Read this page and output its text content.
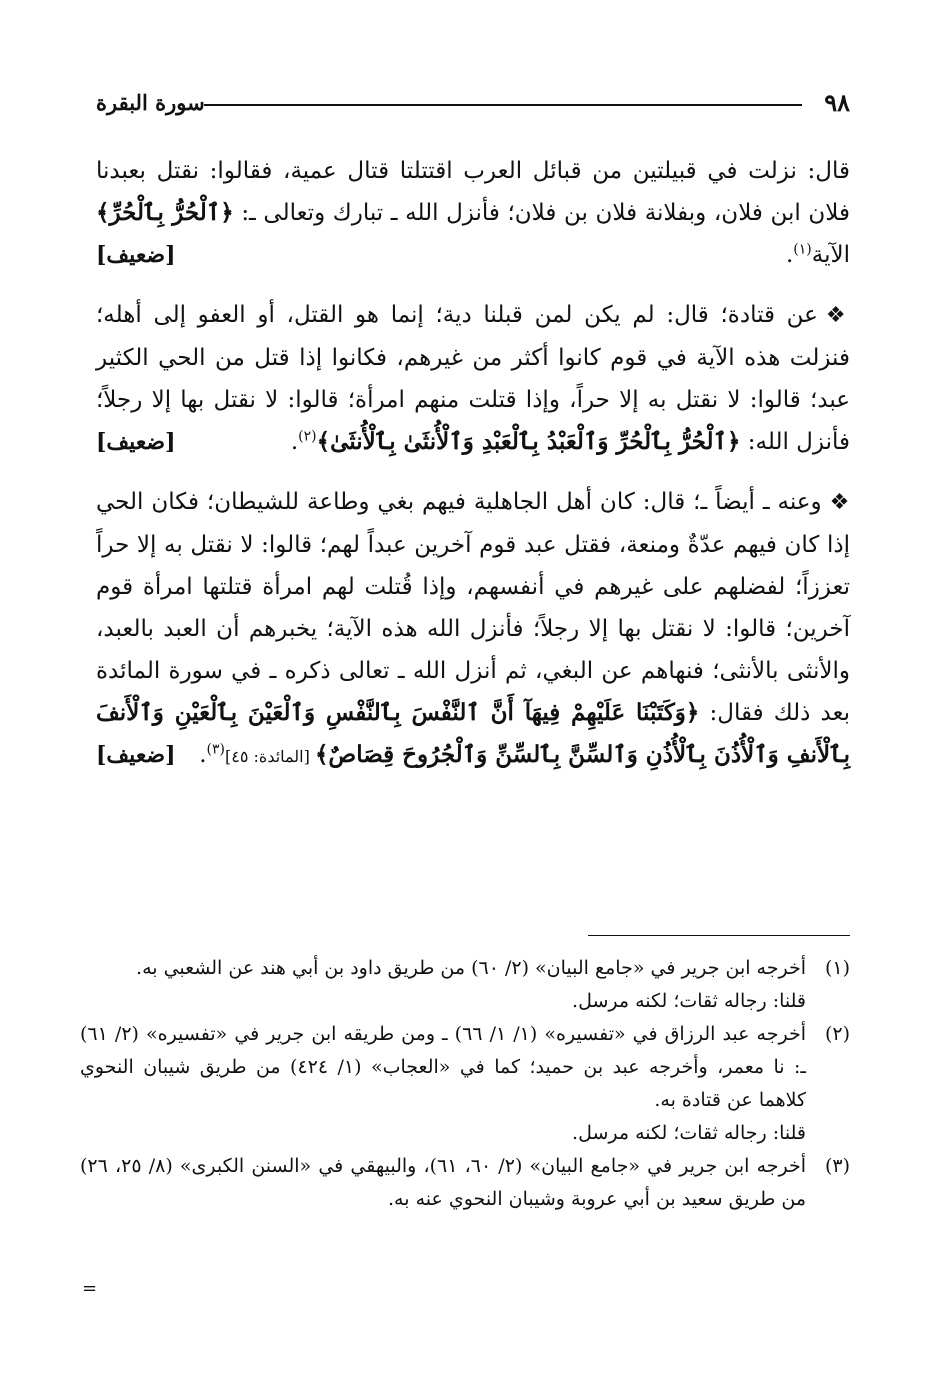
٩٨
سورة البقرة

قال: نزلت في قبيلتين من قبائل العرب اقتتلتا قتال عمية، فقالوا: نقتل بعبدنا فلان ابن فلان، وبفلانة فلان بن فلان؛ فأنزل الله ـ تبارك وتعالى ـ: ﴿ٱلْحُرُّ بِٱلْحُرِّ﴾ الآية$^{(١)}$.
[ضعيف]

❖عن قتادة؛ قال: لم يكن لمن قبلنا دية؛ إنما هو القتل، أو العفو إلى أهله؛ فنزلت هذه الآية في قوم كانوا أكثر من غيرهم، فكانوا إذا قتل من الحي الكثير عبد؛ قالوا: لا نقتل به إلا حراً، وإذا قتلت منهم امرأة؛ قالوا: لا نقتل بها إلا رجلاً؛ فأنزل الله: ﴿ٱلْحُرُّ بِٱلْحُرِّ وَٱلْعَبْدُ بِٱلْعَبْدِ وَٱلْأُنثَىٰ بِٱلْأُنثَىٰ﴾$^{(٢)}$.
[ضعيف]

❖وعنه ـ أيضاً ـ؛ قال: كان أهل الجاهلية فيهم بغي وطاعة للشيطان؛ فكان الحي إذا كان فيهم عدّةٌ ومنعة، فقتل عبد قوم آخرين عبداً لهم؛ قالوا: لا نقتل به إلا حراً تعززاً؛ لفضلهم على غيرهم في أنفسهم، وإذا قُتلت لهم امرأة قتلتها امرأة قوم آخرين؛ قالوا: لا نقتل بها إلا رجلاً؛ فأنزل الله هذه الآية؛ يخبرهم أن العبد بالعبد، والأنثى بالأنثى؛ فنهاهم عن البغي، ثم أنزل الله ـ تعالى ذكره ـ في سورة المائدة بعد ذلك فقال: ﴿وَكَتَبْنَا عَلَيْهِمْ فِيهَآ أَنَّ ٱلنَّفْسَ بِٱلنَّفْسِ وَٱلْعَيْنَ بِٱلْعَيْنِ وَٱلْأَنفَ بِٱلْأَنفِ وَٱلْأُذُنَ بِٱلْأُذُنِ وَٱلسِّنَّ بِٱلسِّنِّ وَٱلْجُرُوحَ قِصَاصٌ﴾ [المائدة: ٤٥]$^{(٣)}$.
[ضعيف]

(١)

أخرجه ابن جرير في «جامع البيان» (٢/ ٦٠) من طريق داود بن أبي هند عن الشعبي به.

قلنا: رجاله ثقات؛ لكنه مرسل.

(٢)

أخرجه عبد الرزاق في «تفسيره» (١/ ١/ ٦٦) ـ ومن طريقه ابن جرير في «تفسيره» (٢/ ٦١) ـ: نا معمر، وأخرجه عبد بن حميد؛ كما في «العجاب» (١/ ٤٢٤) من طريق شيبان النحوي كلاهما عن قتادة به.

قلنا: رجاله ثقات؛ لكنه مرسل.

(٣)

أخرجه ابن جرير في «جامع البيان» (٢/ ٦٠، ٦١)، والبيهقي في «السنن الكبرى» (٨/ ٢٥، ٢٦) من طريق سعيد بن أبي عروبة وشيبان النحوي عنه به.

=
